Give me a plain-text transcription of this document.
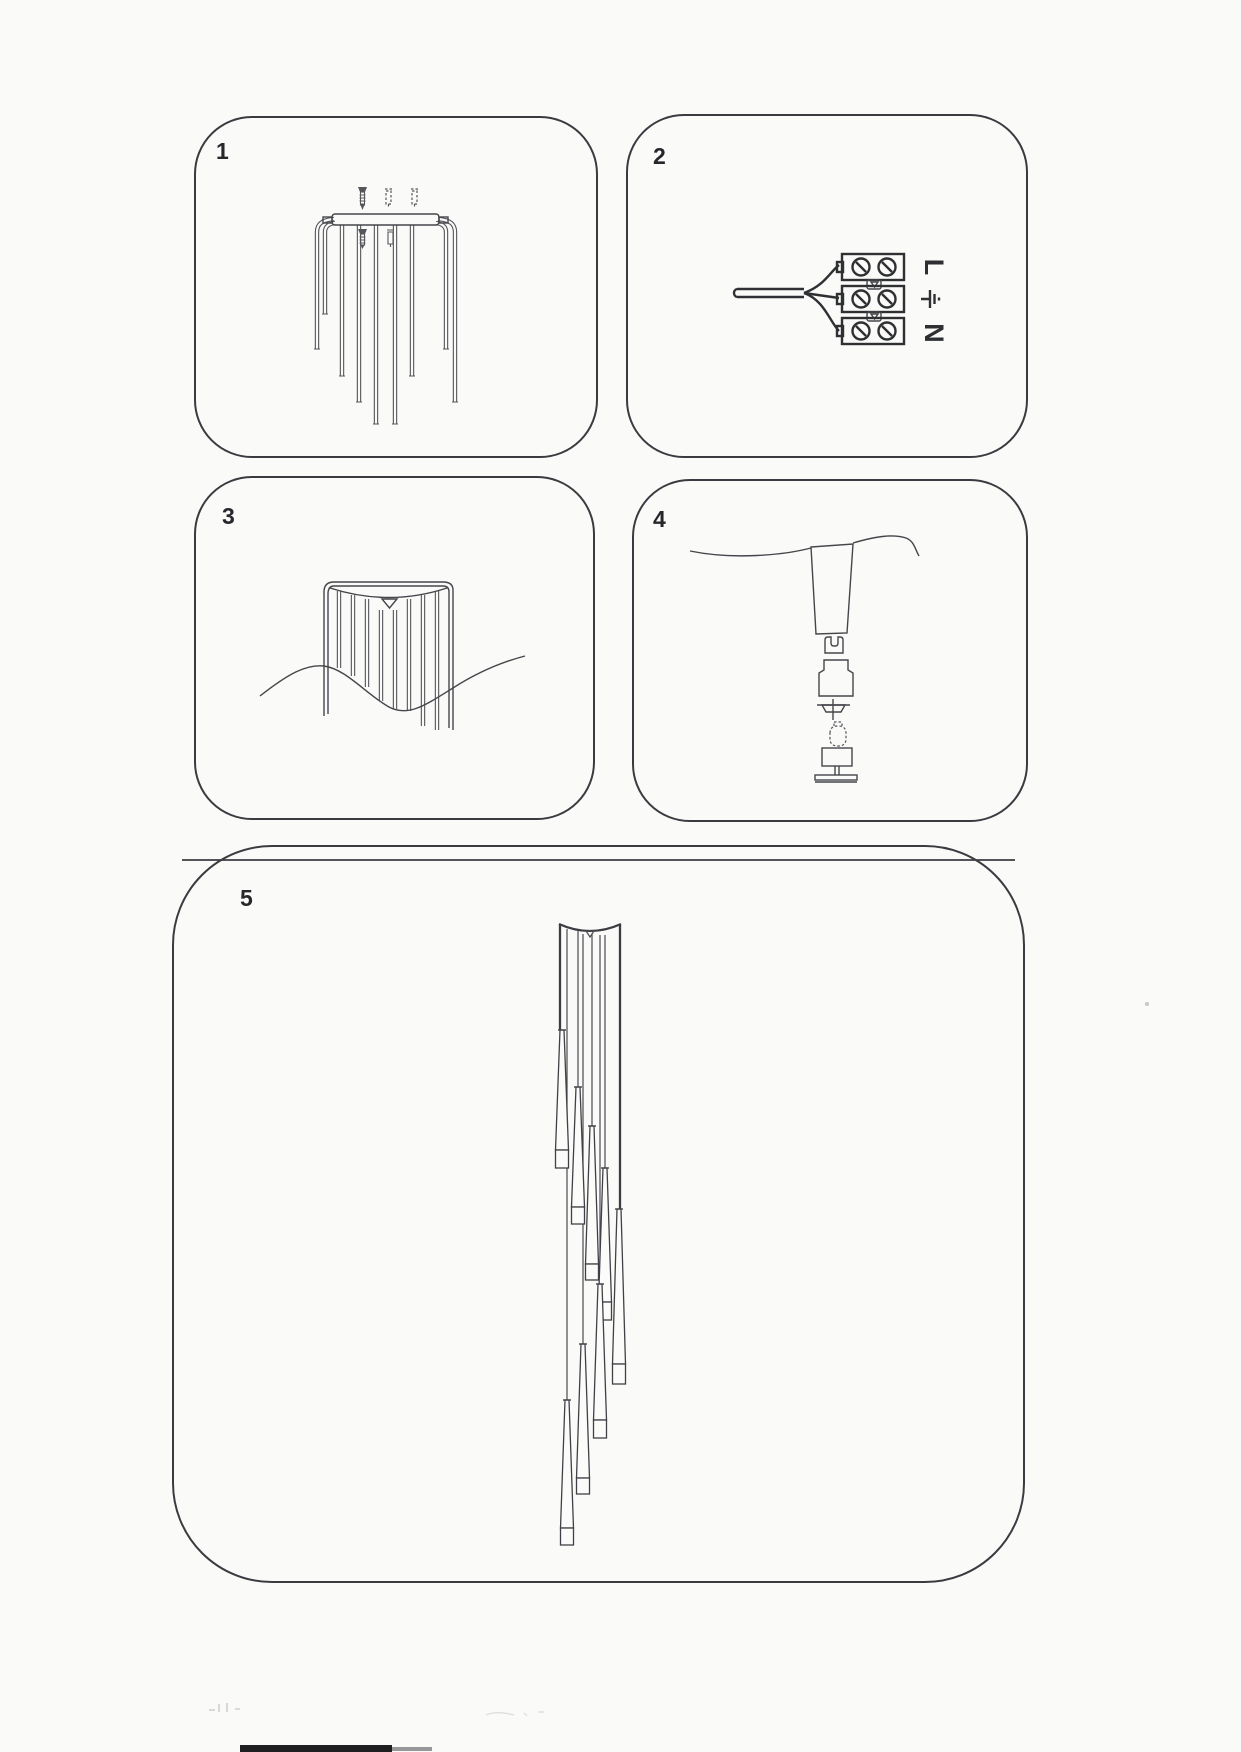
1	2
L
N
3	4
5
